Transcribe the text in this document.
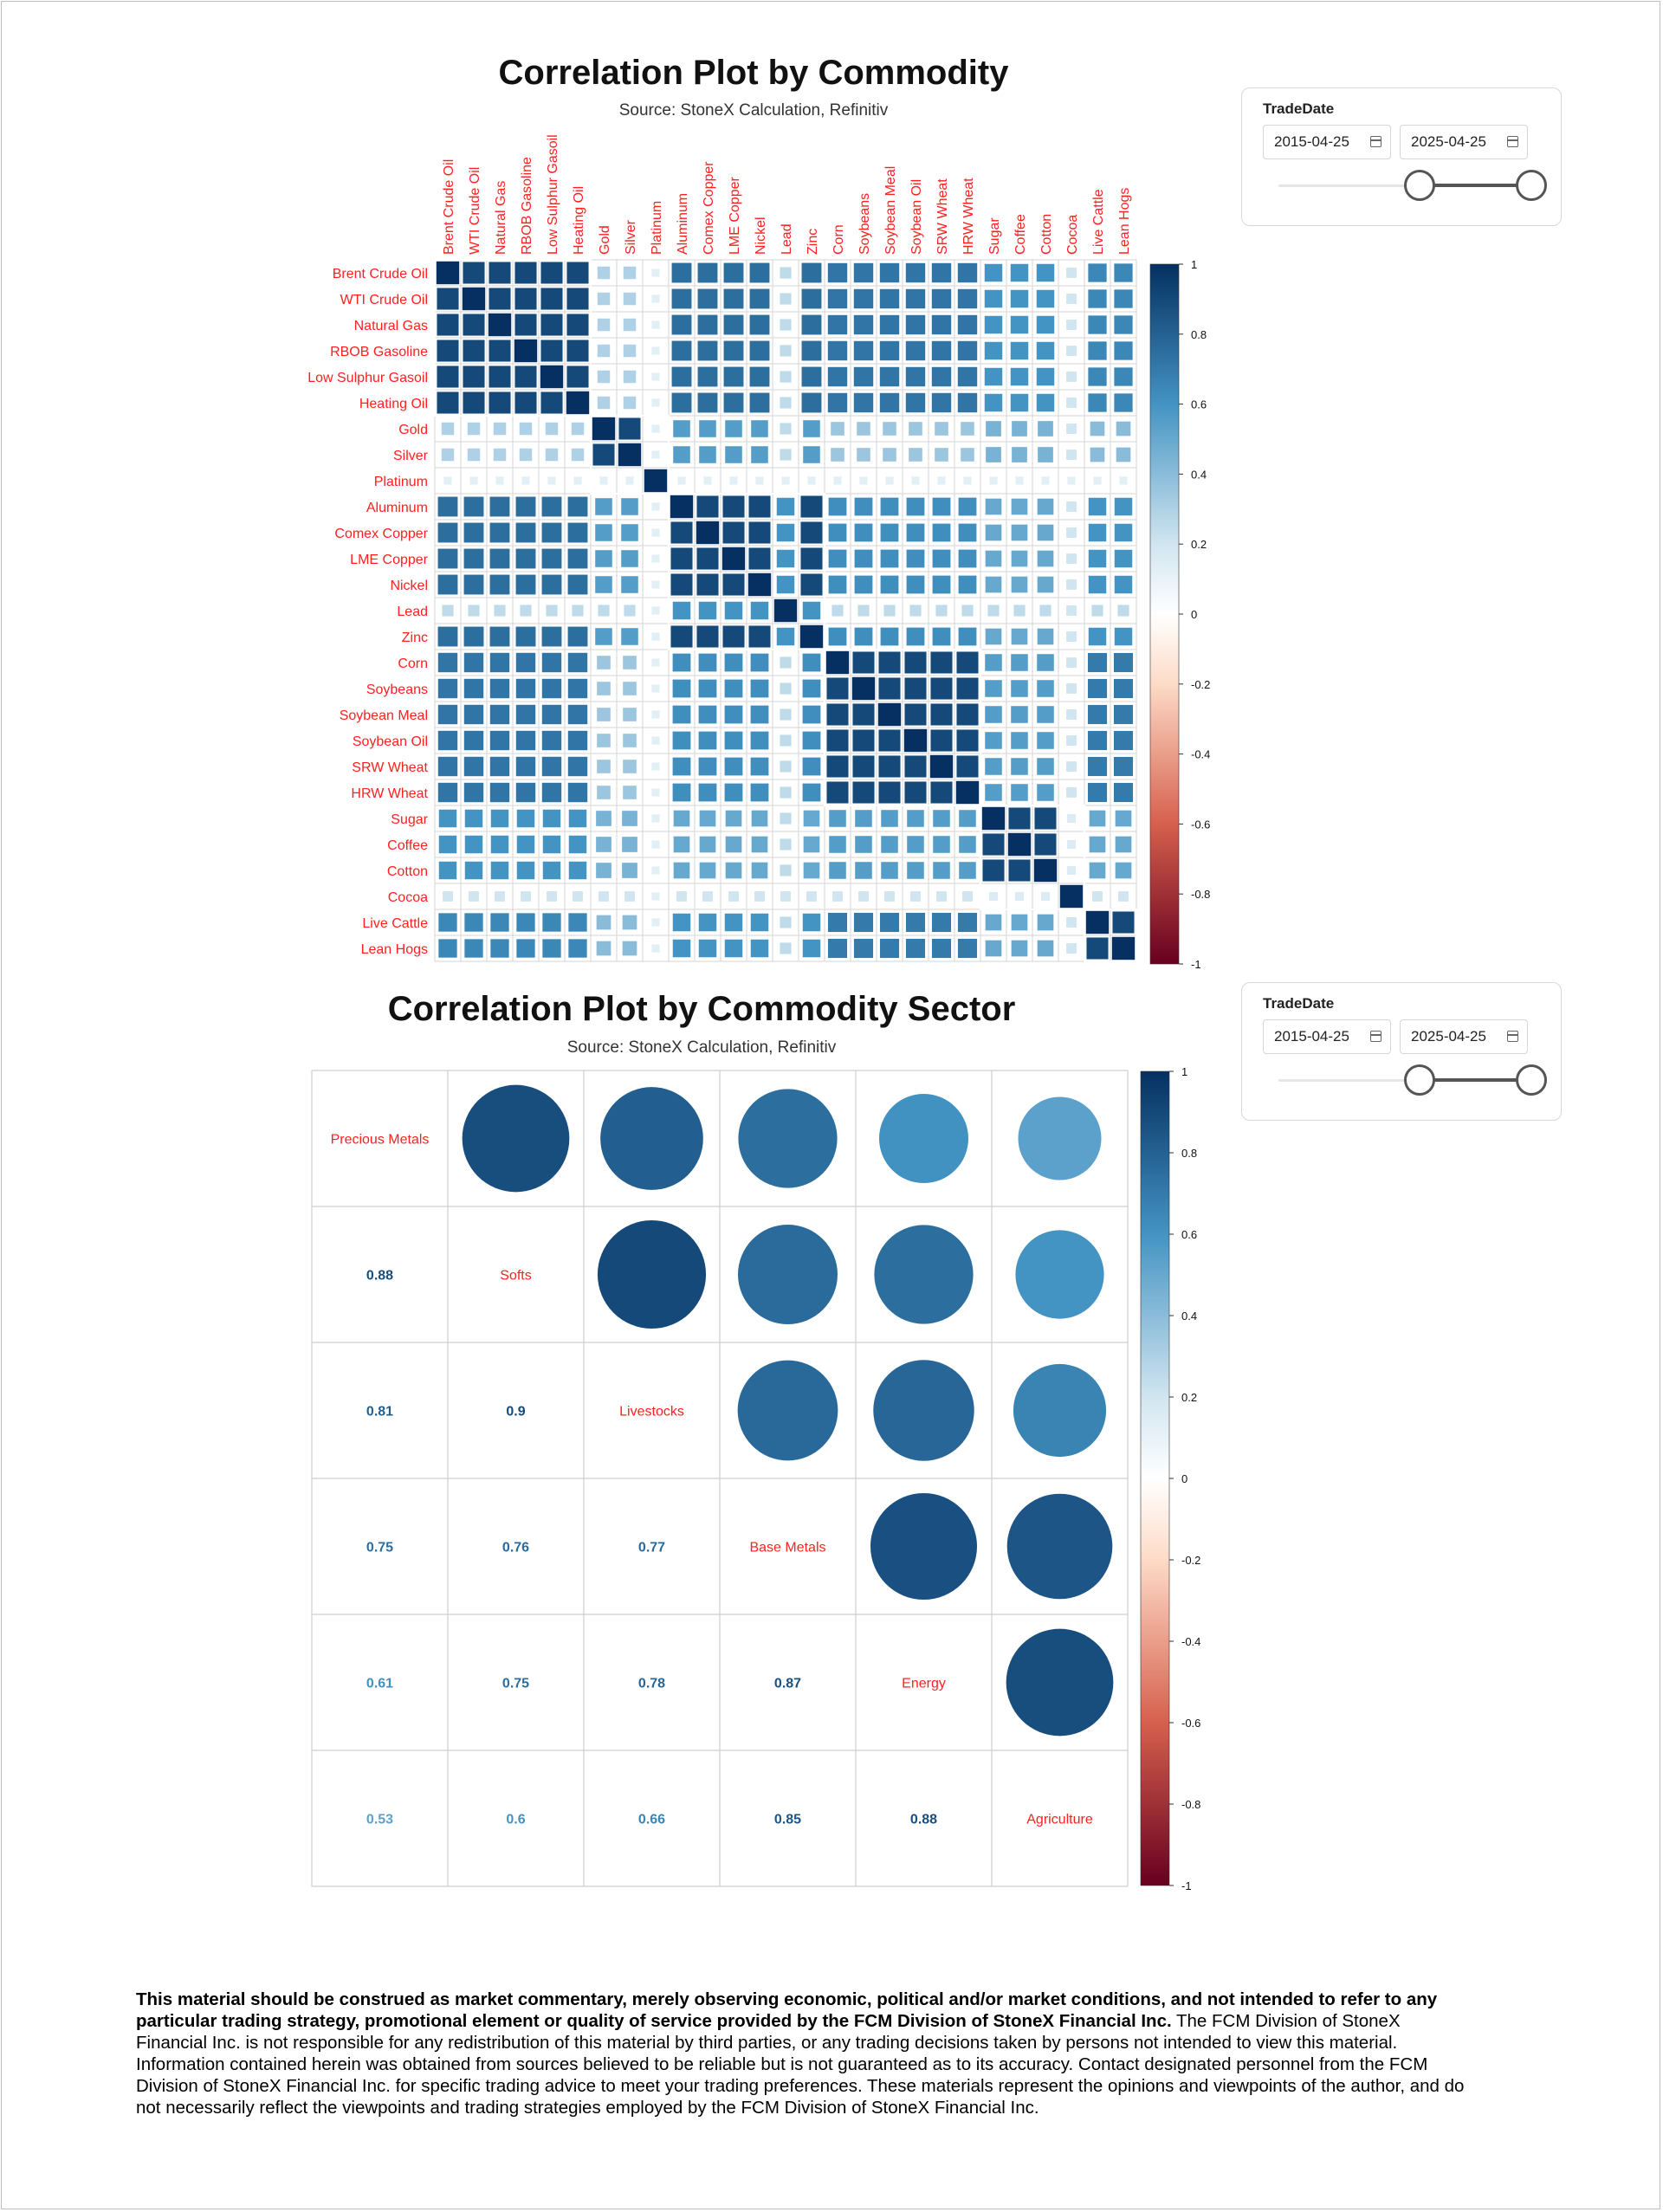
Correlation Plot by Commodity
Source: StoneX Calculation, Refinitiv
Brent Crude Oil
Brent Crude Oil
WTI Crude Oil
WTI Crude Oil
Natural Gas
Natural Gas
RBOB Gasoline
RBOB Gasoline
Low Sulphur Gasoil
Low Sulphur Gasoil
Heating Oil
Heating Oil
Gold
Gold
Silver
Silver
Platinum
Platinum
Aluminum
Aluminum
Comex Copper
Comex Copper
LME Copper
LME Copper
Nickel
Nickel
Lead
Lead
Zinc
Zinc
Corn
Corn
Soybeans
Soybeans
Soybean Meal
Soybean Meal
Soybean Oil
Soybean Oil
SRW Wheat
SRW Wheat
HRW Wheat
HRW Wheat
Sugar
Sugar
Coffee
Coffee
Cotton
Cotton
Cocoa
Cocoa
Live Cattle
Live Cattle
Lean Hogs
Lean Hogs
1
0.8
0.6
0.4
0.2
0
-0.2
-0.4
-0.6
-0.8
-1
Correlation Plot by Commodity Sector
Source: StoneX Calculation, Refinitiv
Precious Metals
0.88	Softs
0.81	0.9	Livestocks
0.75	0.76	0.77	Base Metals
0.61	0.75	0.78	0.87	Energy
0.53	0.6	0.66	0.85	0.88	Agriculture
1
0.8
0.6
0.4
0.2
0
-0.2
-0.4
-0.6
-0.8
-1
TradeDate
2015-04-25	2025-04-25
TradeDate
2015-04-25	2025-04-25
This material should be construed as market commentary, merely observing economic, political and/or market conditions, and not intended to refer to any particular trading strategy, promotional element or quality of service provided by the FCM Division of StoneX Financial Inc. The FCM Division of StoneX Financial Inc. is not responsible for any redistribution of this material by third parties, or any trading decisions taken by persons not intended to view this material. Information contained herein was obtained from sources believed to be reliable but is not guaranteed as to its accuracy. Contact designated personnel from the FCM Division of StoneX Financial Inc. for specific trading advice to meet your trading preferences. These materials represent the opinions and viewpoints of the author, and do not necessarily reflect the viewpoints and trading strategies employed by the FCM Division of StoneX Financial Inc.
